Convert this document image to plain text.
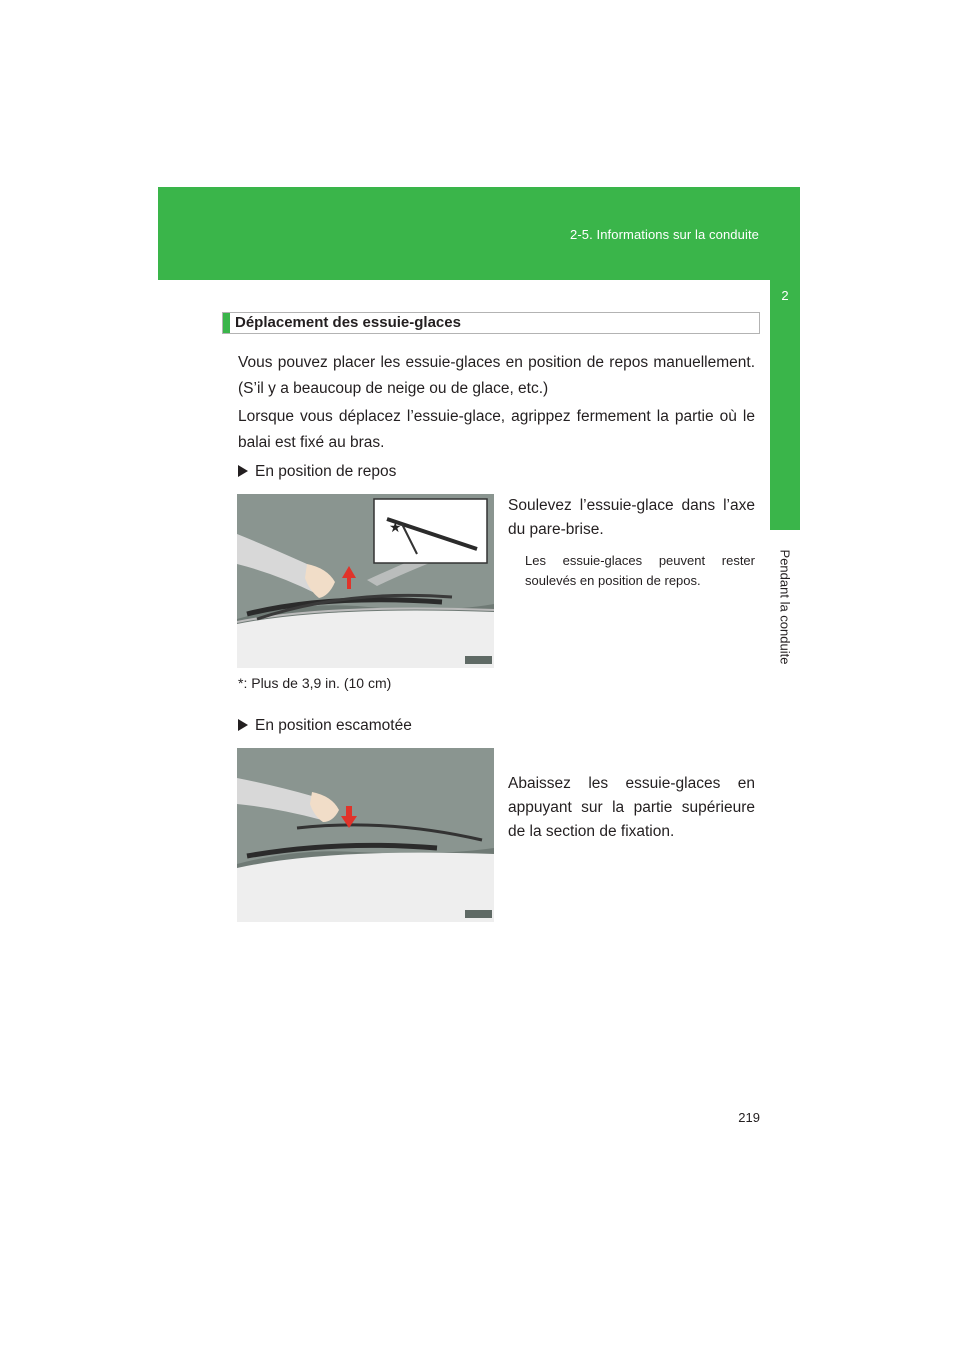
2-5. Informations sur la conduite
2
Pendant la conduite
Déplacement des essuie-glaces
Vous pouvez placer les essuie-glaces en position de repos manuellement. (S’il y a beaucoup de neige ou de glace, etc.)
Lorsque vous déplacez l’essuie-glace, agrippez fermement la partie où le balai est fixé au bras.
En position de repos
★
Soulevez l’essuie-glace dans l’axe du pare-brise.
Les essuie-glaces peuvent rester soulevés en position de repos.
*: Plus de 3,9 in. (10 cm)
En position escamotée
Abaissez les essuie-glaces en appuyant sur la partie supérieure de la section de fixation.
219
